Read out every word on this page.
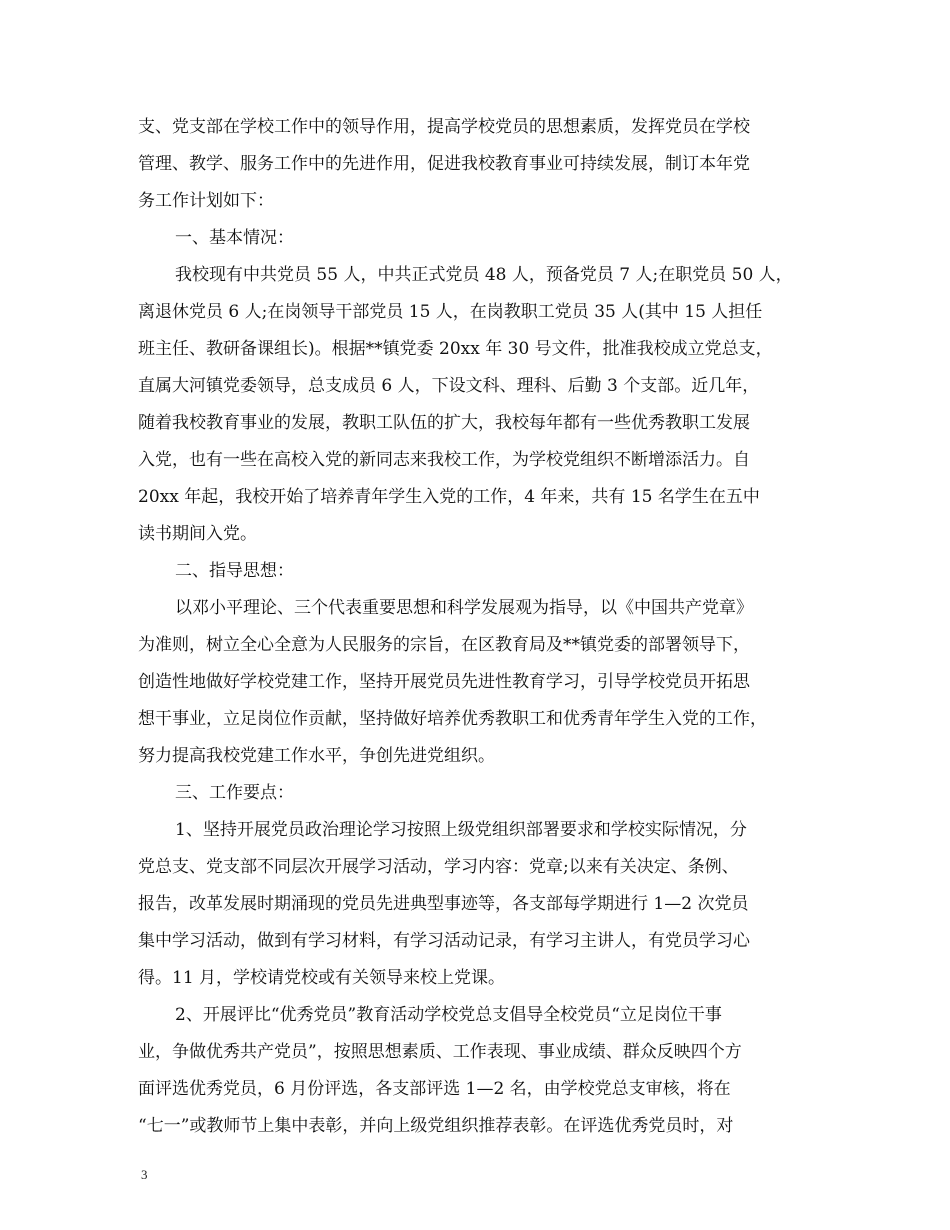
支、党支部在学校工作中的领导作用，提高学校党员的思想素质，发挥党员在学校
管理、教学、服务工作中的先进作用，促进我校教育事业可持续发展，制订本年党
务工作计划如下：
一、基本情况：
我校现有中共党员 55 人，中共正式党员 48 人，预备党员 7 人;在职党员 50 人，
离退休党员 6 人;在岗领导干部党员 15 人，在岗教职工党员 35 人(其中 15 人担任
班主任、教研备课组长)。根据**镇党委 20xx 年 30 号文件，批准我校成立党总支，
直属大河镇党委领导，总支成员 6 人，下设文科、理科、后勤 3 个支部。近几年，
随着我校教育事业的发展，教职工队伍的扩大，我校每年都有一些优秀教职工发展
入党，也有一些在高校入党的新同志来我校工作，为学校党组织不断增添活力。自
20xx 年起，我校开始了培养青年学生入党的工作，4 年来，共有 15 名学生在五中
读书期间入党。
二、指导思想：
以邓小平理论、三个代表重要思想和科学发展观为指导，以《中国共产党章》
为准则，树立全心全意为人民服务的宗旨，在区教育局及**镇党委的部署领导下，
创造性地做好学校党建工作，坚持开展党员先进性教育学习，引导学校党员开拓思
想干事业，立足岗位作贡献，坚持做好培养优秀教职工和优秀青年学生入党的工作，
努力提高我校党建工作水平，争创先进党组织。
三、工作要点：
1、坚持开展党员政治理论学习按照上级党组织部署要求和学校实际情况，分
党总支、党支部不同层次开展学习活动，学习内容：党章;以来有关决定、条例、
报告，改革发展时期涌现的党员先进典型事迹等，各支部每学期进行 1—2 次党员
集中学习活动，做到有学习材料，有学习活动记录，有学习主讲人，有党员学习心
得。11 月，学校请党校或有关领导来校上党课。
2、开展评比“优秀党员”教育活动学校党总支倡导全校党员“立足岗位干事
业，争做优秀共产党员”，按照思想素质、工作表现、事业成绩、群众反映四个方
面评选优秀党员，6 月份评选，各支部评选 1—2 名，由学校党总支审核，将在
“七一”或教师节上集中表彰，并向上级党组织推荐表彰。在评选优秀党员时，对
3
